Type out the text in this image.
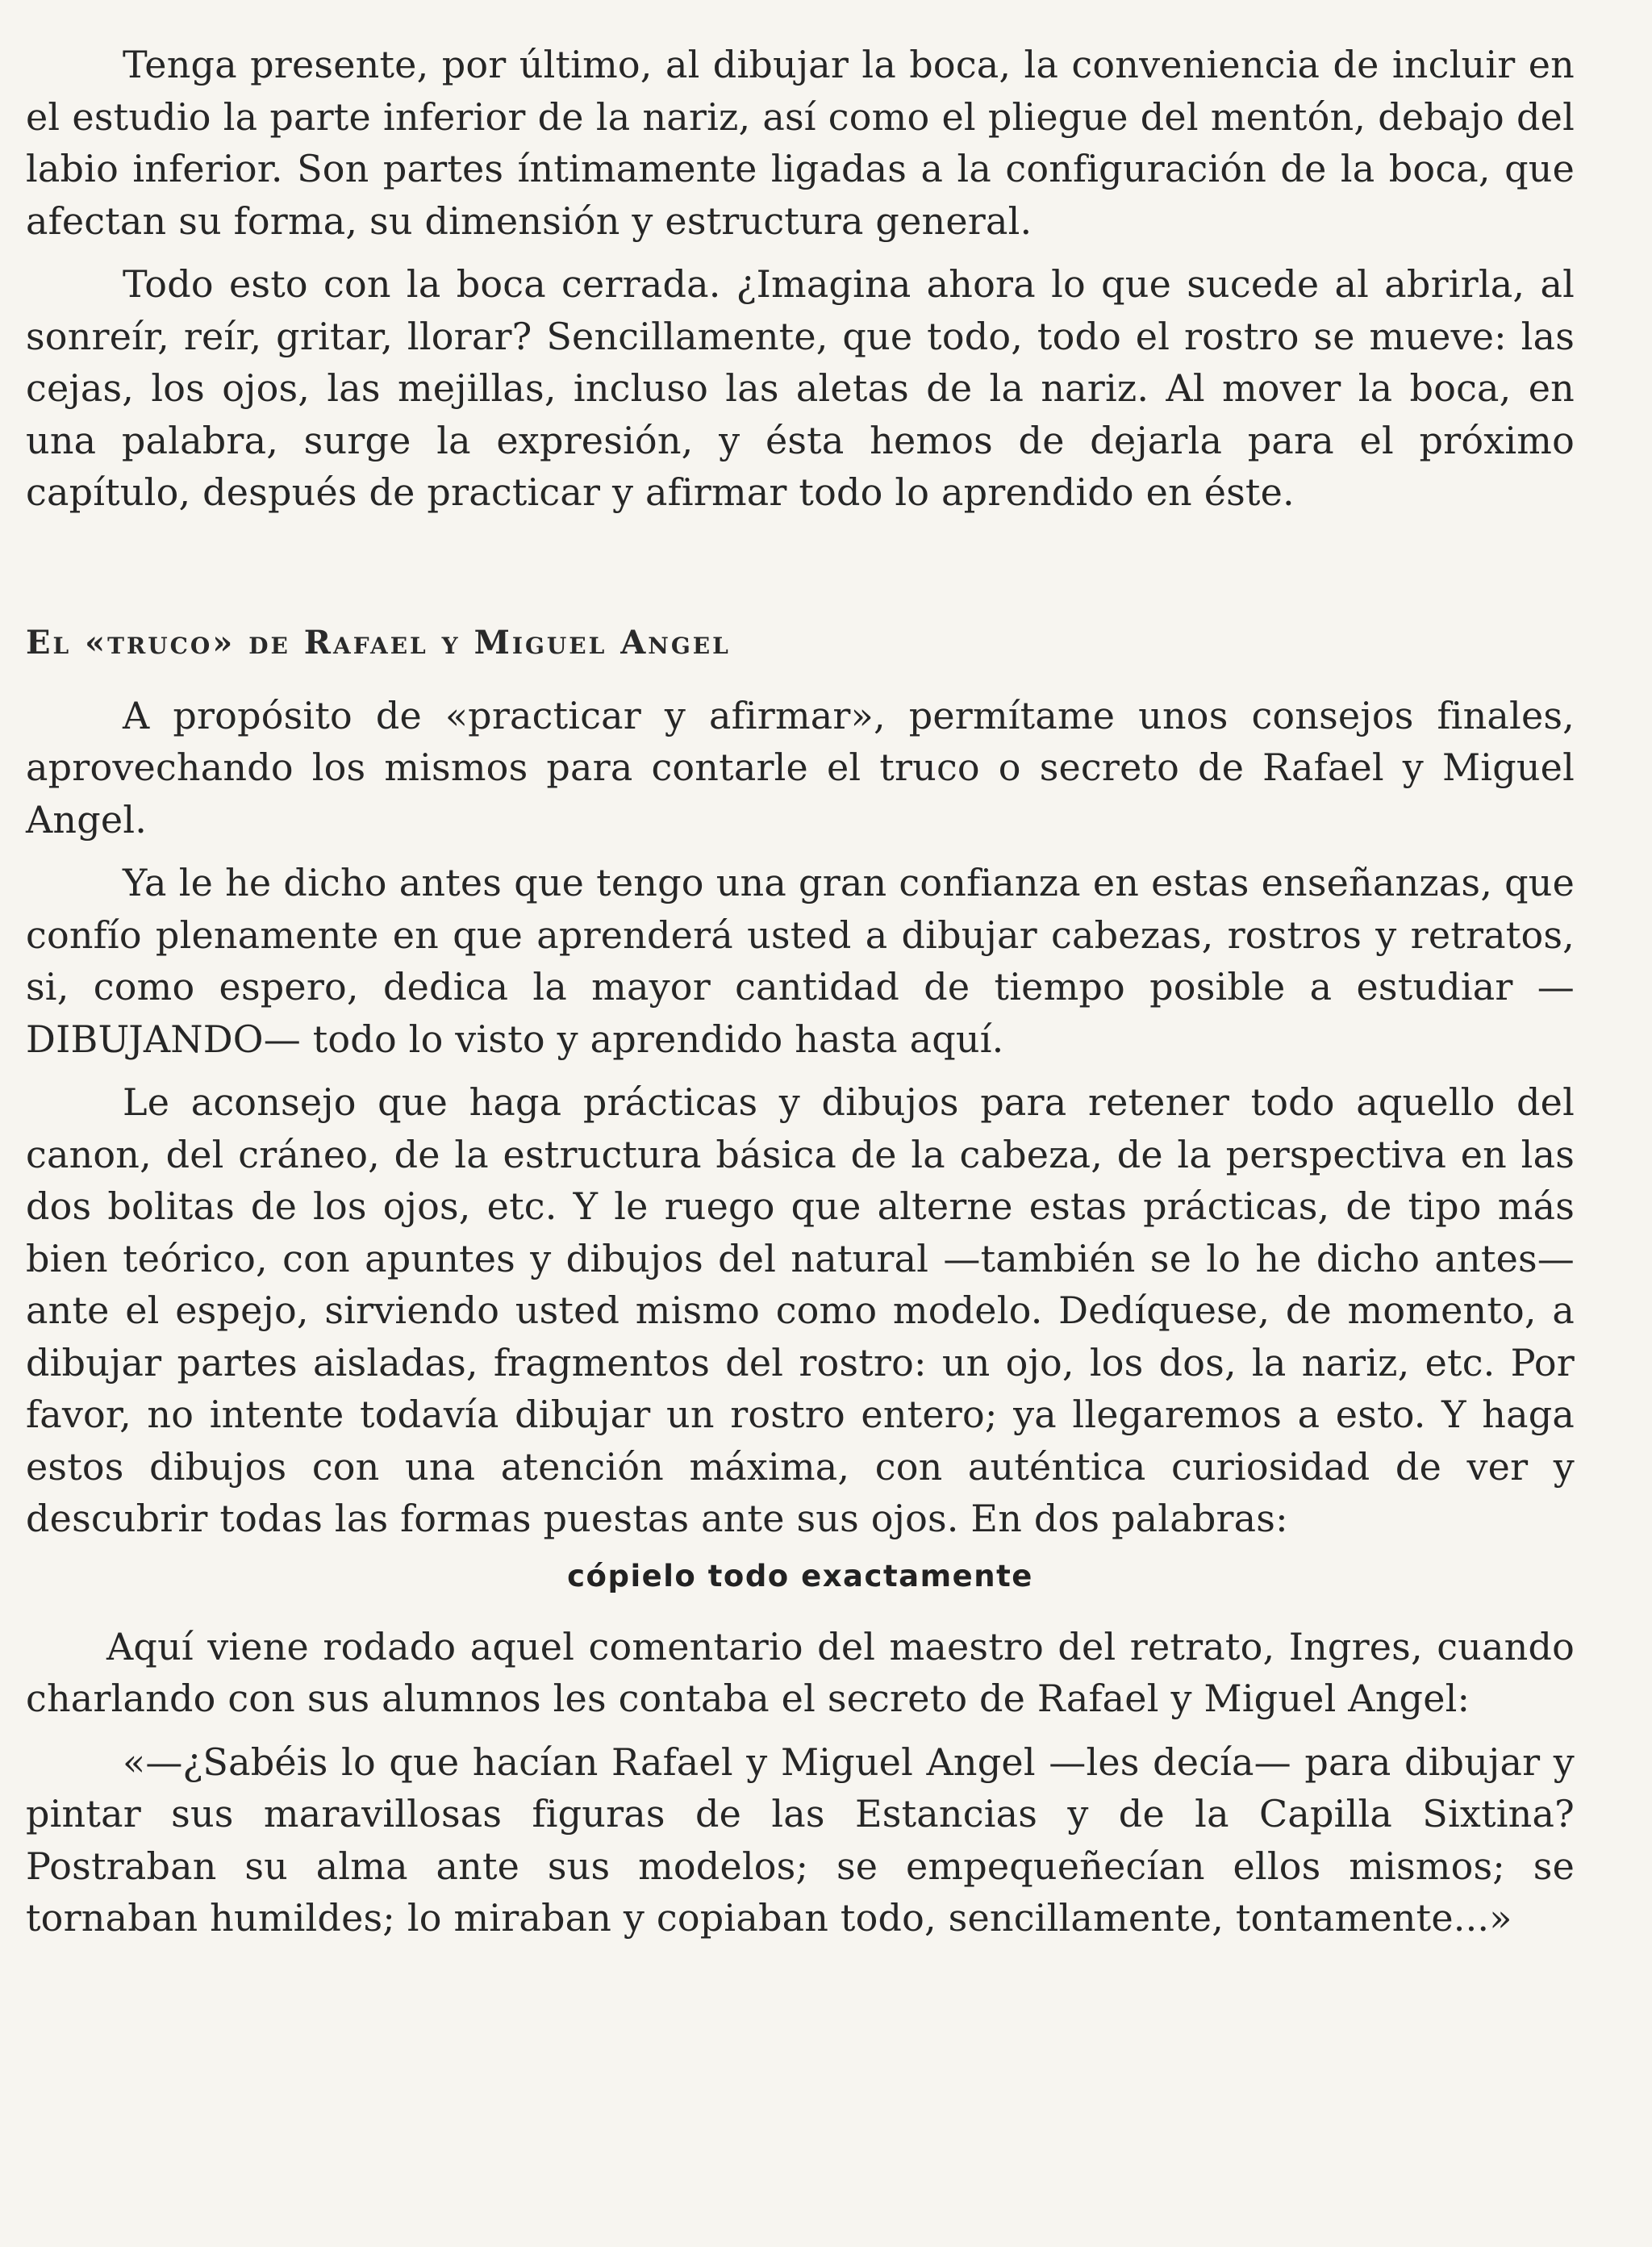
Tenga presente, por último, al dibujar la boca, la conveniencia de incluir en el estudio la parte inferior de la nariz, así como el pliegue del mentón, debajo del labio inferior. Son partes íntimamente ligadas a la configuración de la boca, que afectan su forma, su dimensión y estructura general.

Todo esto con la boca cerrada. ¿Imagina ahora lo que sucede al abrirla, al sonreír, reír, gritar, llorar? Sencillamente, que todo, todo el rostro se mueve: las cejas, los ojos, las mejillas, incluso las aletas de la nariz. Al mover la boca, en una palabra, surge la expresión, y ésta hemos de dejarla para el próximo capítulo, después de practicar y afirmar todo lo aprendido en éste.

El «truco» de Rafael y Miguel Angel

A propósito de «practicar y afirmar», permítame unos consejos finales, aprovechando los mismos para contarle el truco o secreto de Rafael y Miguel Angel.

Ya le he dicho antes que tengo una gran confianza en estas enseñanzas, que confío plenamente en que aprenderá usted a dibujar cabezas, rostros y retratos, si, como espero, dedica la mayor cantidad de tiempo posible a estudiar —DIBUJANDO— todo lo visto y aprendido hasta aquí.

Le aconsejo que haga prácticas y dibujos para retener todo aquello del canon, del cráneo, de la estructura básica de la cabeza, de la perspectiva en las dos bolitas de los ojos, etc. Y le ruego que alterne estas prácticas, de tipo más bien teórico, con apuntes y dibujos del natural —también se lo he dicho antes— ante el espejo, sirviendo usted mismo como modelo. Dedíquese, de momento, a dibujar partes aisladas, fragmentos del rostro: un ojo, los dos, la nariz, etc. Por favor, no intente todavía dibujar un rostro entero; ya llegaremos a esto. Y haga estos dibujos con una atención máxima, con auténtica curiosidad de ver y descubrir todas las formas puestas ante sus ojos. En dos palabras:

cópielo todo exactamente

Aquí viene rodado aquel comentario del maestro del retrato, Ingres, cuando charlando con sus alumnos les contaba el secreto de Rafael y Miguel Angel:

«—¿Sabéis lo que hacían Rafael y Miguel Angel —les decía— para dibujar y pintar sus maravillosas figuras de las Estancias y de la Capilla Sixtina? Postraban su alma ante sus modelos; se empequeñecían ellos mismos; se tornaban humildes; lo miraban y copiaban todo, sencillamente, tontamente...»
